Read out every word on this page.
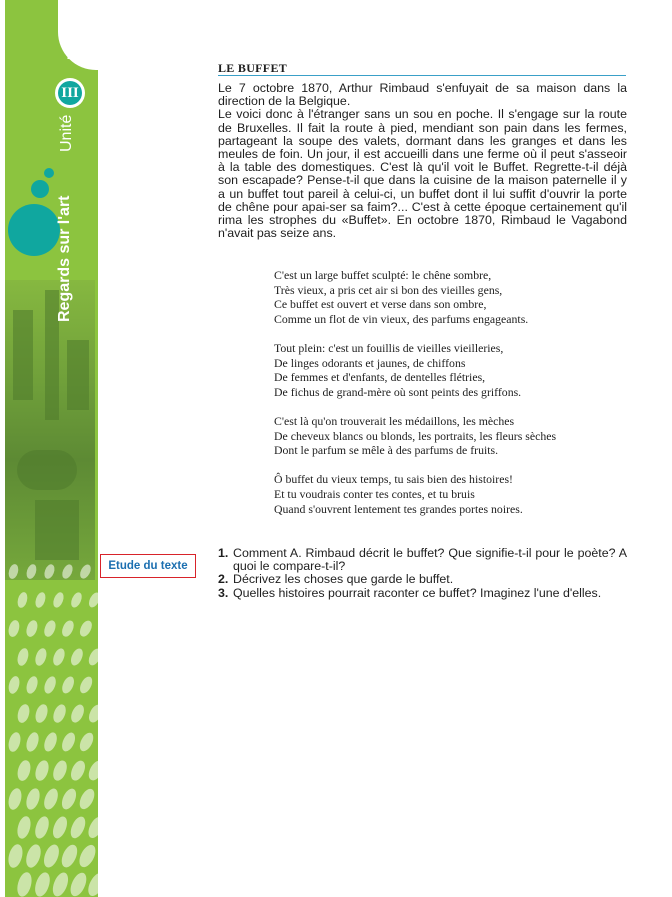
78
III
Unité
Regards sur l'art
LE BUFFET

Le 7 octobre 1870, Arthur Rimbaud s'enfuyait de sa maison dans la direction de la Belgique.

Le voici donc à l'étranger sans un sou en poche. Il s'engage sur la route de Bruxelles. Il fait la route à pied, mendiant son pain dans les fermes, partageant la soupe des valets, dormant dans les granges et dans les meules de foin. Un jour, il est accueilli dans une ferme où il peut s'asseoir à la table des domestiques. C'est là qu'il voit le Buffet. Regrette-t-il déjà son escapade? Pense-t-il que dans la cuisine de la maison paternelle il y a un buffet tout pareil à celui-ci, un buffet dont il lui suffit d'ouvrir la porte de chêne pour apai-ser sa faim?... C'est à cette époque certainement qu'il rima les strophes du «Buffet». En octobre 1870, Rimbaud le Vagabond n'avait pas seize ans.

C'est un large buffet sculpté: le chêne sombre,
Très vieux, a pris cet air si bon des vieilles gens,
Ce buffet est ouvert et verse dans son ombre,
Comme un flot de vin vieux, des parfums engageants.
Tout plein: c'est un fouillis de vieilles vieilleries,
De linges odorants et jaunes, de chiffons
De femmes et d'enfants, de dentelles flétries,
De fichus de grand-mère où sont peints des griffons.
C'est là qu'on trouverait les médaillons, les mèches
De cheveux blancs ou blonds, les portraits, les fleurs sèches
Dont le parfum se mêle à des parfums de fruits.
Ô buffet du vieux temps, tu sais bien des histoires!
Et tu voudrais conter tes contes, et tu bruis
Quand s'ouvrent lentement tes grandes portes noires.
Etude du texte
1. Comment A. Rimbaud décrit le buffet? Que signifie-t-il pour le poète? A quoi le compare-t-il?
2. Décrivez les choses que garde le buffet.
3. Quelles histoires pourrait raconter ce buffet? Imaginez l'une d'elles.
